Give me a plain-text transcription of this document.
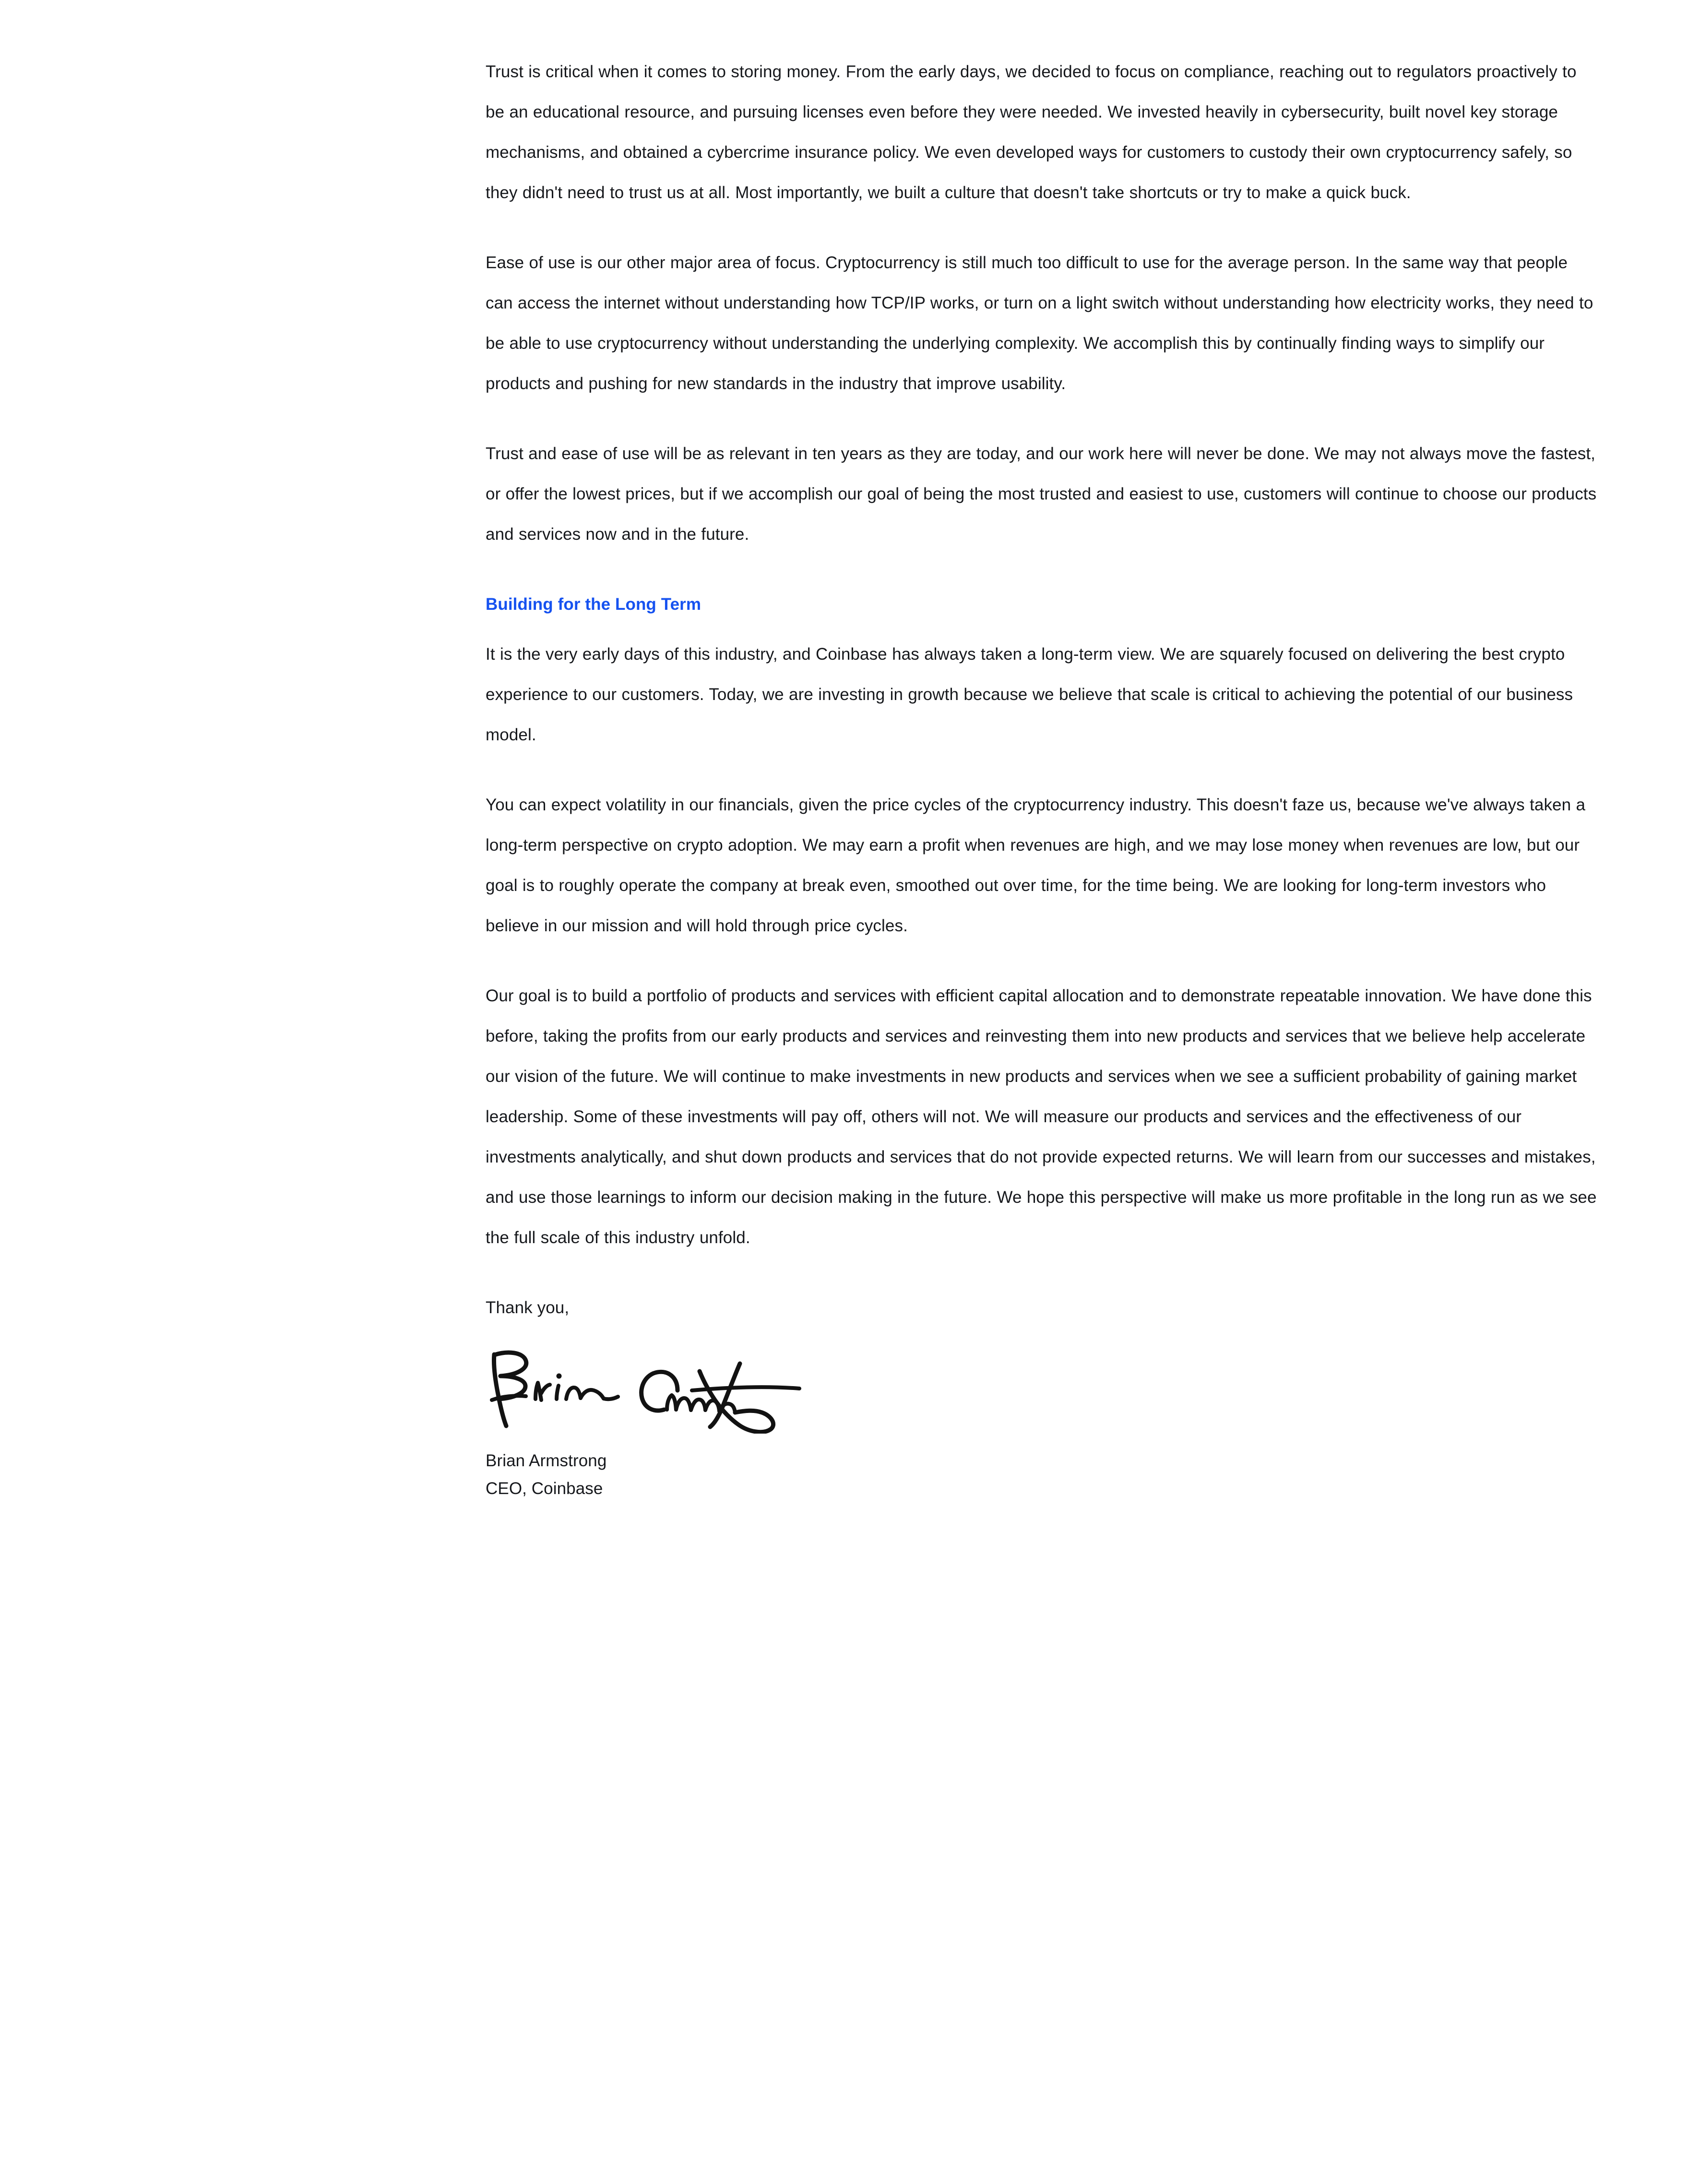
Trust is critical when it comes to storing money. From the early days, we decided to focus on compliance, reaching out to regulators proactively to be an educational resource, and pursuing licenses even before they were needed. We invested heavily in cybersecurity, built novel key storage mechanisms, and obtained a cybercrime insurance policy. We even developed ways for customers to custody their own cryptocurrency safely, so they didn't need to trust us at all. Most importantly, we built a culture that doesn't take shortcuts or try to make a quick buck.

Ease of use is our other major area of focus. Cryptocurrency is still much too difficult to use for the average person. In the same way that people can access the internet without understanding how TCP/IP works, or turn on a light switch without understanding how electricity works, they need to be able to use cryptocurrency without understanding the underlying complexity. We accomplish this by continually finding ways to simplify our products and pushing for new standards in the industry that improve usability.

Trust and ease of use will be as relevant in ten years as they are today, and our work here will never be done. We may not always move the fastest, or offer the lowest prices, but if we accomplish our goal of being the most trusted and easiest to use, customers will continue to choose our products and services now and in the future.

Building for the Long Term

It is the very early days of this industry, and Coinbase has always taken a long-term view. We are squarely focused on delivering the best crypto experience to our customers. Today, we are investing in growth because we believe that scale is critical to achieving the potential of our business model.

You can expect volatility in our financials, given the price cycles of the cryptocurrency industry. This doesn't faze us, because we've always taken a long-term perspective on crypto adoption. We may earn a profit when revenues are high, and we may lose money when revenues are low, but our goal is to roughly operate the company at break even, smoothed out over time, for the time being. We are looking for long-term investors who believe in our mission and will hold through price cycles.

Our goal is to build a portfolio of products and services with efficient capital allocation and to demonstrate repeatable innovation. We have done this before, taking the profits from our early products and services and reinvesting them into new products and services that we believe help accelerate our vision of the future. We will continue to make investments in new products and services when we see a sufficient probability of gaining market leadership. Some of these investments will pay off, others will not. We will measure our products and services and the effectiveness of our investments analytically, and shut down products and services that do not provide expected returns. We will learn from our successes and mistakes, and use those learnings to inform our decision making in the future. We hope this perspective will make us more profitable in the long run as we see the full scale of this industry unfold.

Thank you,

Brian Armstrong
CEO, Coinbase
